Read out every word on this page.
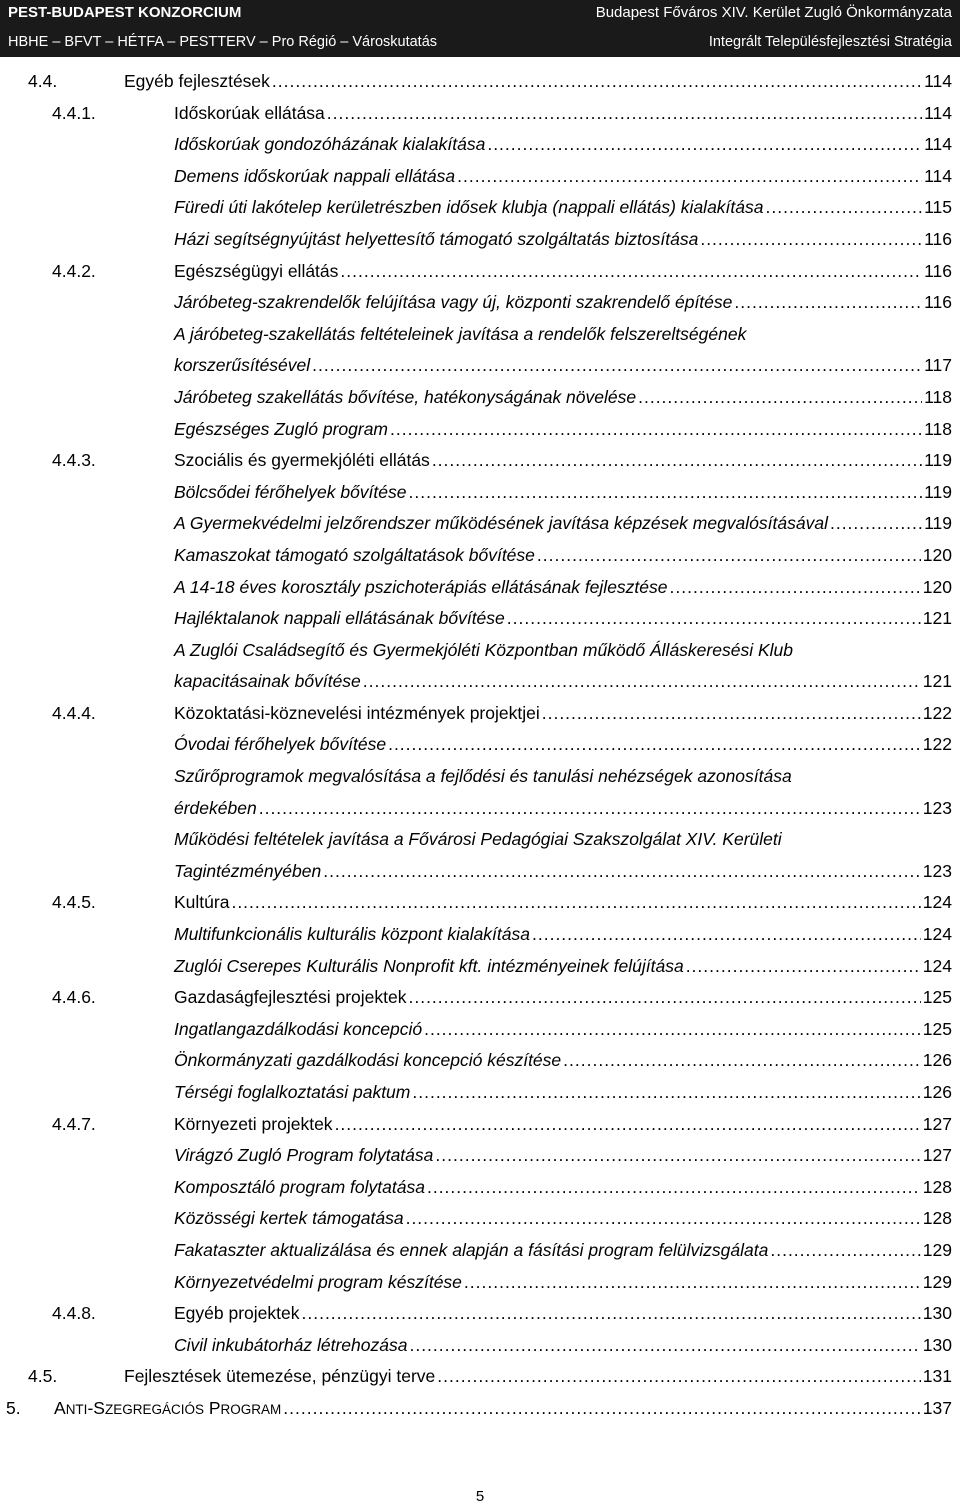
PEST-BUDAPEST KONZORCIUM	Budapest Főváros XIV. Kerület Zugló Önkormányzata
HBHE – BFVT – HÉTFA – PESTTERV – Pro Régió – Városkutatás	Integrált Településfejlesztési Stratégia
4.4.	Egyéb fejlesztések .....	114
4.4.1.	Időskorúak ellátása .....	114
Időskorúak gondozóházának kialakítása .....	114
Demens időskorúak nappali ellátása .....	114
Füredi úti lakótelep kerületrészben idősek klubja (nappali ellátás) kialakítása .....	115
Házi segítségnyújtást helyettesítő támogató szolgáltatás biztosítása .....	116
4.4.2.	Egészségügyi ellátás .....	116
Járóbeteg-szakrendelők felújítása vagy új, központi szakrendelő építése .....	116
A járóbeteg-szakellátás feltételeinek javítása a rendelők felszereltségének
korszerűsítésével .....	117
Járóbeteg szakellátás bővítése, hatékonyságának növelése .....	118
Egészséges Zugló program .....	118
4.4.3.	Szociális és gyermekjóléti ellátás .....	119
Bölcsődei férőhelyek bővítése .....	119
A Gyermekvédelmi jelzőrendszer működésének javítása képzések megvalósításával .....	119
Kamaszokat támogató szolgáltatások bővítése .....	120
A 14-18 éves korosztály pszichoterápiás ellátásának fejlesztése .....	120
Hajléktalanok nappali ellátásának bővítése .....	121
A Zuglói Családsegítő és Gyermekjóléti Központban működő Álláskeresési Klub
kapacitásainak bővítése .....	121
4.4.4.	Közoktatási-köznevelési intézmények projektjei .....	122
Óvodai férőhelyek bővítése .....	122
Szűrőprogramok megvalósítása a fejlődési és tanulási nehézségek azonosítása
érdekében .....	123
Működési feltételek javítása a Fővárosi Pedagógiai Szakszolgálat XIV. Kerületi
Tagintézményében .....	123
4.4.5.	Kultúra .....	124
Multifunkcionális kulturális központ kialakítása .....	124
Zuglói Cserepes Kulturális Nonprofit kft. intézményeinek felújítása .....	124
4.4.6.	Gazdaságfejlesztési projektek .....	125
Ingatlangazdálkodási koncepció .....	125
Önkormányzati gazdálkodási koncepció készítése .....	126
Térségi foglalkoztatási paktum .....	126
4.4.7.	Környezeti projektek .....	127
Virágzó Zugló Program folytatása .....	127
Komposztáló program folytatása .....	128
Közösségi kertek támogatása .....	128
Fakataszter aktualizálása és ennek alapján a fásítási program felülvizsgálata .....	129
Környezetvédelmi program készítése .....	129
4.4.8.	Egyéb projektek .....	130
Civil inkubátorház létrehozása .....	130
4.5.	Fejlesztések ütemezése, pénzügyi terve .....	131
5. ANTI-SZEGREGÁCIÓS PROGRAM .....	137
5
